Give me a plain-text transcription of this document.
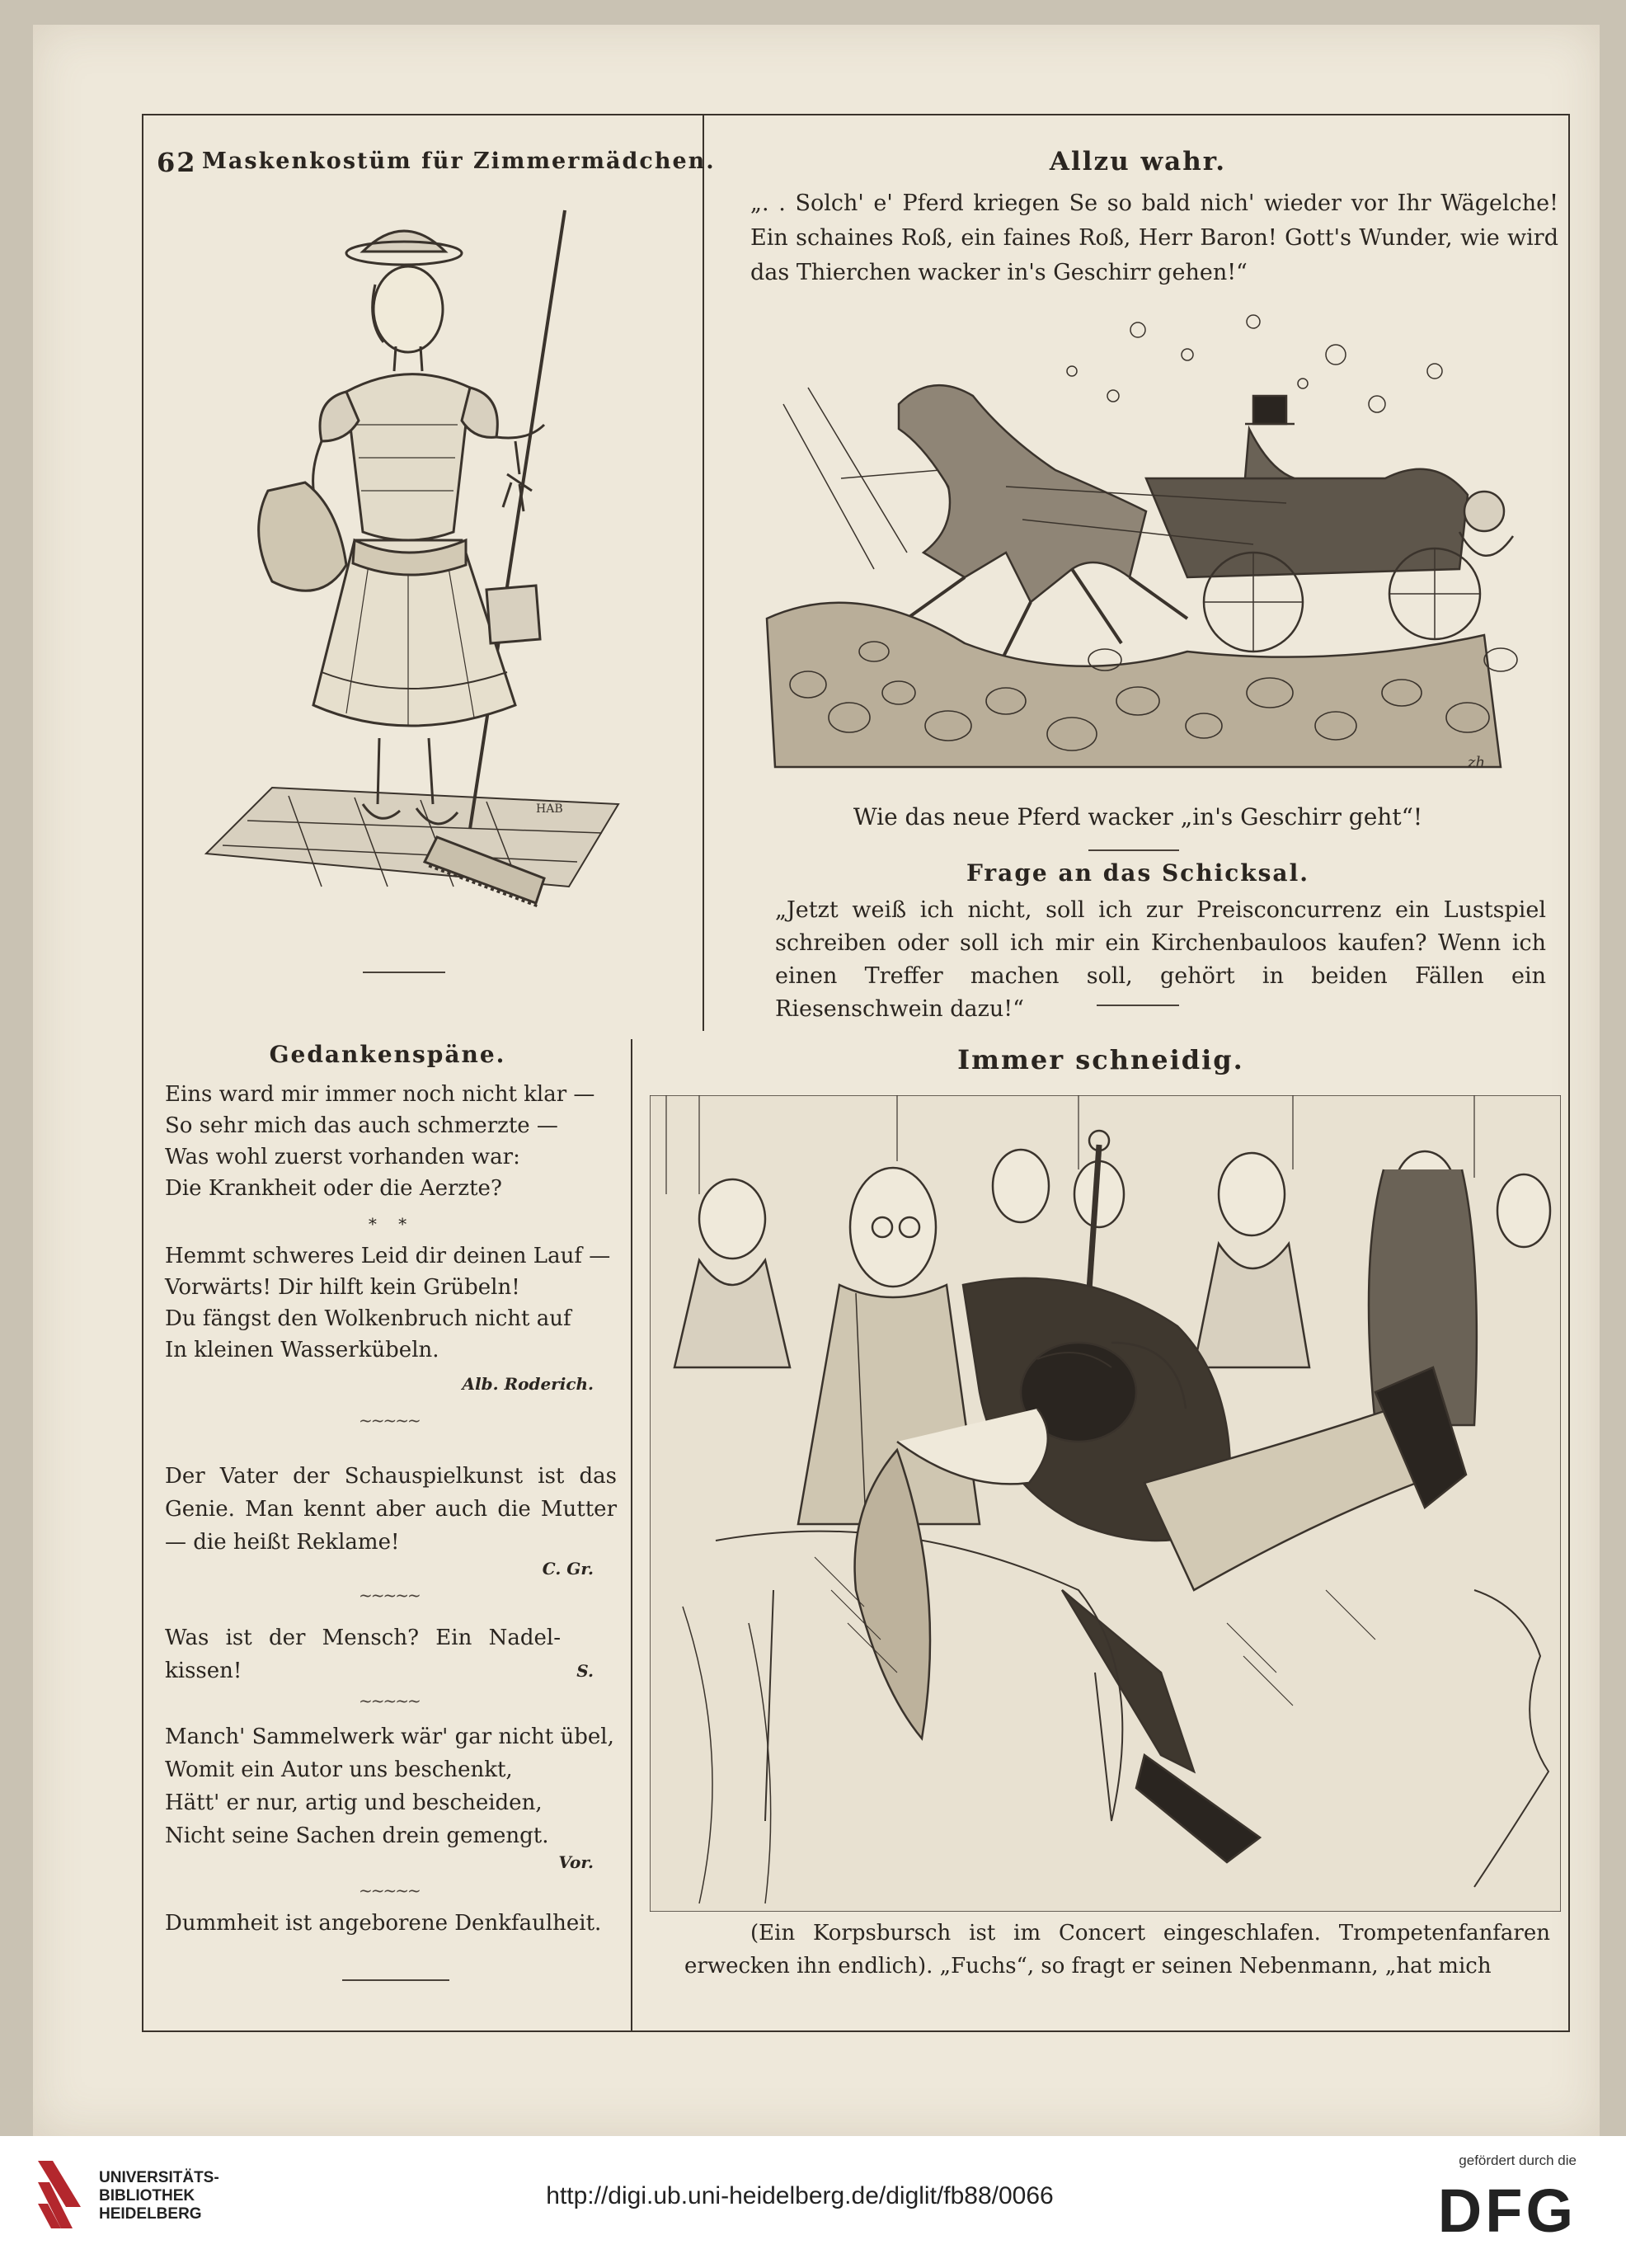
62 Maskenkostüm für Zimmermädchen.
HAB
Allzu wahr.
„. . Solch' e' Pferd kriegen Se so bald nich' wieder vor Ihr Wägelche! Ein schaines Roß, ein faines Roß, Herr Baron! Gott's Wunder, wie wird das Thierchen wacker in's Geschirr gehen!“
zh
Wie das neue Pferd wacker „in's Geschirr geht“!
Frage an das Schicksal.
„Jetzt weiß ich nicht, soll ich zur Preisconcurrenz ein Lustspiel schreiben oder soll ich mir ein Kirchenbauloos kaufen? Wenn ich einen Treffer machen soll, gehört in beiden Fällen ein Riesenschwein dazu!“
Gedankenspäne.
Eins ward mir immer noch nicht klar —
So sehr mich das auch schmerzte —
Was wohl zuerst vorhanden war:
Die Krankheit oder die Aerzte?
* *
Hemmt schweres Leid dir deinen Lauf —
Vorwärts! Dir hilft kein Grübeln!
Du fängst den Wolkenbruch nicht auf
In kleinen Wasserkübeln.
Alb. Roderich.
~~~~~
Der Vater der Schauspielkunst ist das Genie. Man kennt aber auch die Mutter — die heißt Reklame!
C. Gr.
~~~~~
Was ist der Mensch? Ein Nadelkissen!	S.
~~~~~
Manch' Sammelwerk wär' gar nicht übel,
Womit ein Autor uns beschenkt,
Hätt' er nur, artig und bescheiden,
Nicht seine Sachen drein gemengt.
Vor.
~~~~~
Dummheit ist angeborene Denkfaulheit.
Immer schneidig.
(Ein Korpsbursch ist im Concert eingeschlafen. Trompetenfanfaren erwecken ihn endlich). „Fuchs“, so fragt er seinen Nebenmann, „hat mich
UNIVERSITÄTS-
BIBLIOTHEK
HEIDELBERG
http://digi.ub.uni-heidelberg.de/diglit/fb88/0066
gefördert durch die
DFG
